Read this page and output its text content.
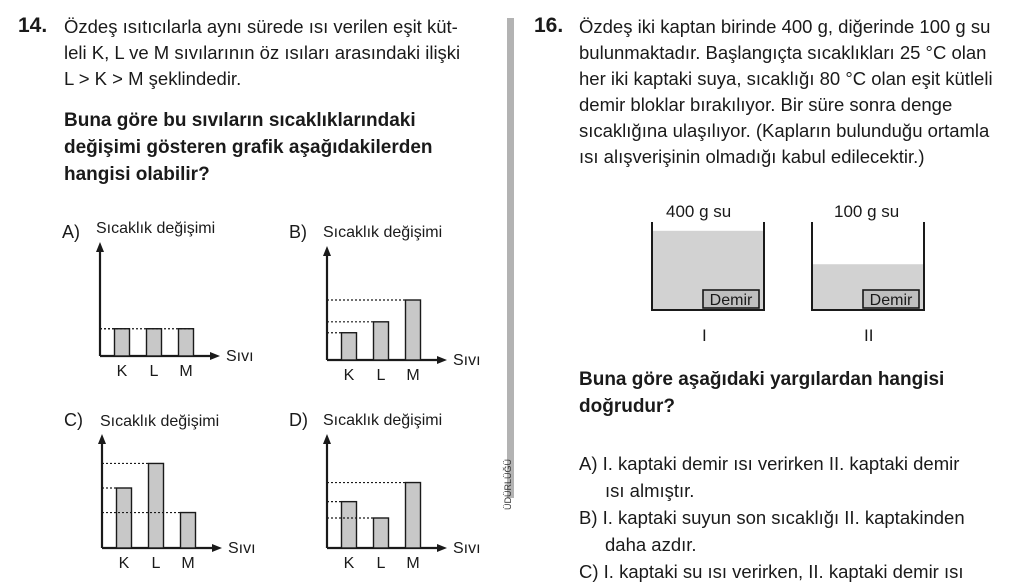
14. Özdeş ısıtıcılarla aynı sürede ısı verilen eşit küt-
leli K, L ve M sıvılarının öz ısıları arasındaki ilişki
L > K > M şeklindedir.
Buna göre bu sıvıların sıcaklıklarındaki
değişimi gösteren grafik aşağıdakilerden
hangisi olabilir?
A) Sıcaklık değişimi
Sıvı
K L M
B) Sıcaklık değişimi
Sıvı
K L M
C) Sıcaklık değişimi
Sıvı
K L M
D) Sıcaklık değişimi
Sıvı
K L M
ÜDÜRLÜĞÜ
16. Özdeş iki kaptan birinde 400 g, diğerinde 100 g su
bulunmaktadır. Başlangıçta sıcaklıkları 25 °C olan
her iki kaptaki suya, sıcaklığı 80 °C olan eşit kütleli
demir bloklar bırakılıyor. Bir süre sonra denge
sıcaklığına ulaşılıyor. (Kapların bulunduğu ortamla
ısı alışverişinin olmadığı kabul edilecektir.)
400 g su
Demir
I
100 g su
Demir
II
Buna göre aşağıdaki yargılardan hangisi
doğrudur?
A) I. kaptaki demir ısı verirken II. kaptaki demir
ısı almıştır.
B) I. kaptaki suyun son sıcaklığı II. kaptakinden
daha azdır.
C) I. kaptaki su ısı verirken, II. kaptaki demir ısı
